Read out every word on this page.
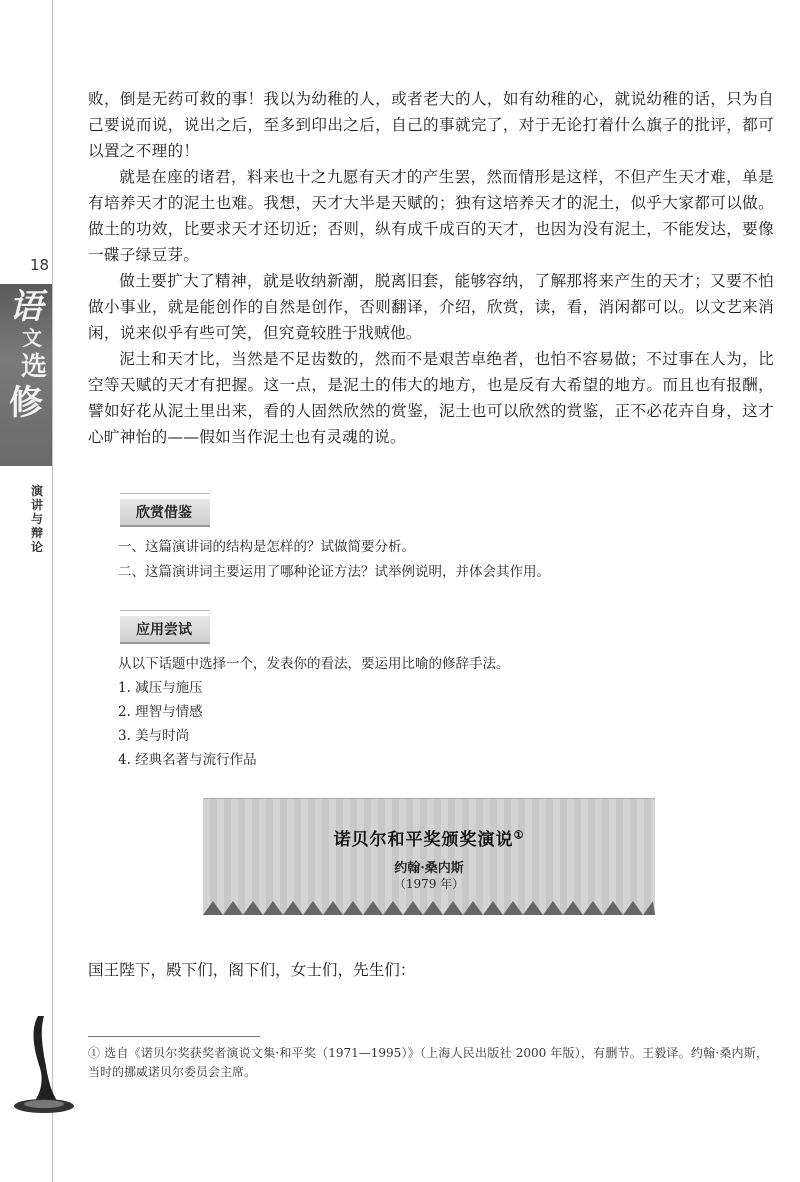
18
语
文
选
修
演
讲
与
辩
论

败，倒是无药可救的事！我以为幼稚的人，或者老大的人，如有幼稚的心，就说幼稚的话，只为自己要说而说，说出之后，至多到印出之后，自己的事就完了，对于无论打着什么旗子的批评，都可以置之不理的！

就是在座的诸君，料来也十之九愿有天才的产生罢，然而情形是这样，不但产生天才难，单是有培养天才的泥土也难。我想，天才大半是天赋的；独有这培养天才的泥土，似乎大家都可以做。做土的功效，比要求天才还切近；否则，纵有成千成百的天才，也因为没有泥土，不能发达，要像一碟子绿豆芽。

做土要扩大了精神，就是收纳新潮，脱离旧套，能够容纳，了解那将来产生的天才；又要不怕做小事业，就是能创作的自然是创作，否则翻译，介绍，欣赏，读，看，消闲都可以。以文艺来消闲，说来似乎有些可笑，但究竟较胜于戕贼他。

泥土和天才比，当然是不足齿数的，然而不是艰苦卓绝者，也怕不容易做；不过事在人为，比空等天赋的天才有把握。这一点，是泥土的伟大的地方，也是反有大希望的地方。而且也有报酬，譬如好花从泥土里出来，看的人固然欣然的赏鉴，泥土也可以欣然的赏鉴，正不必花卉自身，这才心旷神怡的——假如当作泥土也有灵魂的说。

欣赏借鉴
一、这篇演讲词的结构是怎样的？试做简要分析。
二、这篇演讲词主要运用了哪种论证方法？试举例说明，并体会其作用。
应用尝试
从以下话题中选择一个，发表你的看法，要运用比喻的修辞手法。
1. 减压与施压
2. 理智与情感
3. 美与时尚
4. 经典名著与流行作品
诺贝尔和平奖颁奖演说①
约翰·桑内斯
（1979 年）
国王陛下，殿下们，阁下们，女士们，先生们：
① 选自《诺贝尔奖获奖者演说文集·和平奖（1971—1995）》（上海人民出版社 2000 年版），有删节。王毅译。约翰·桑内斯，当时的挪威诺贝尔委员会主席。
